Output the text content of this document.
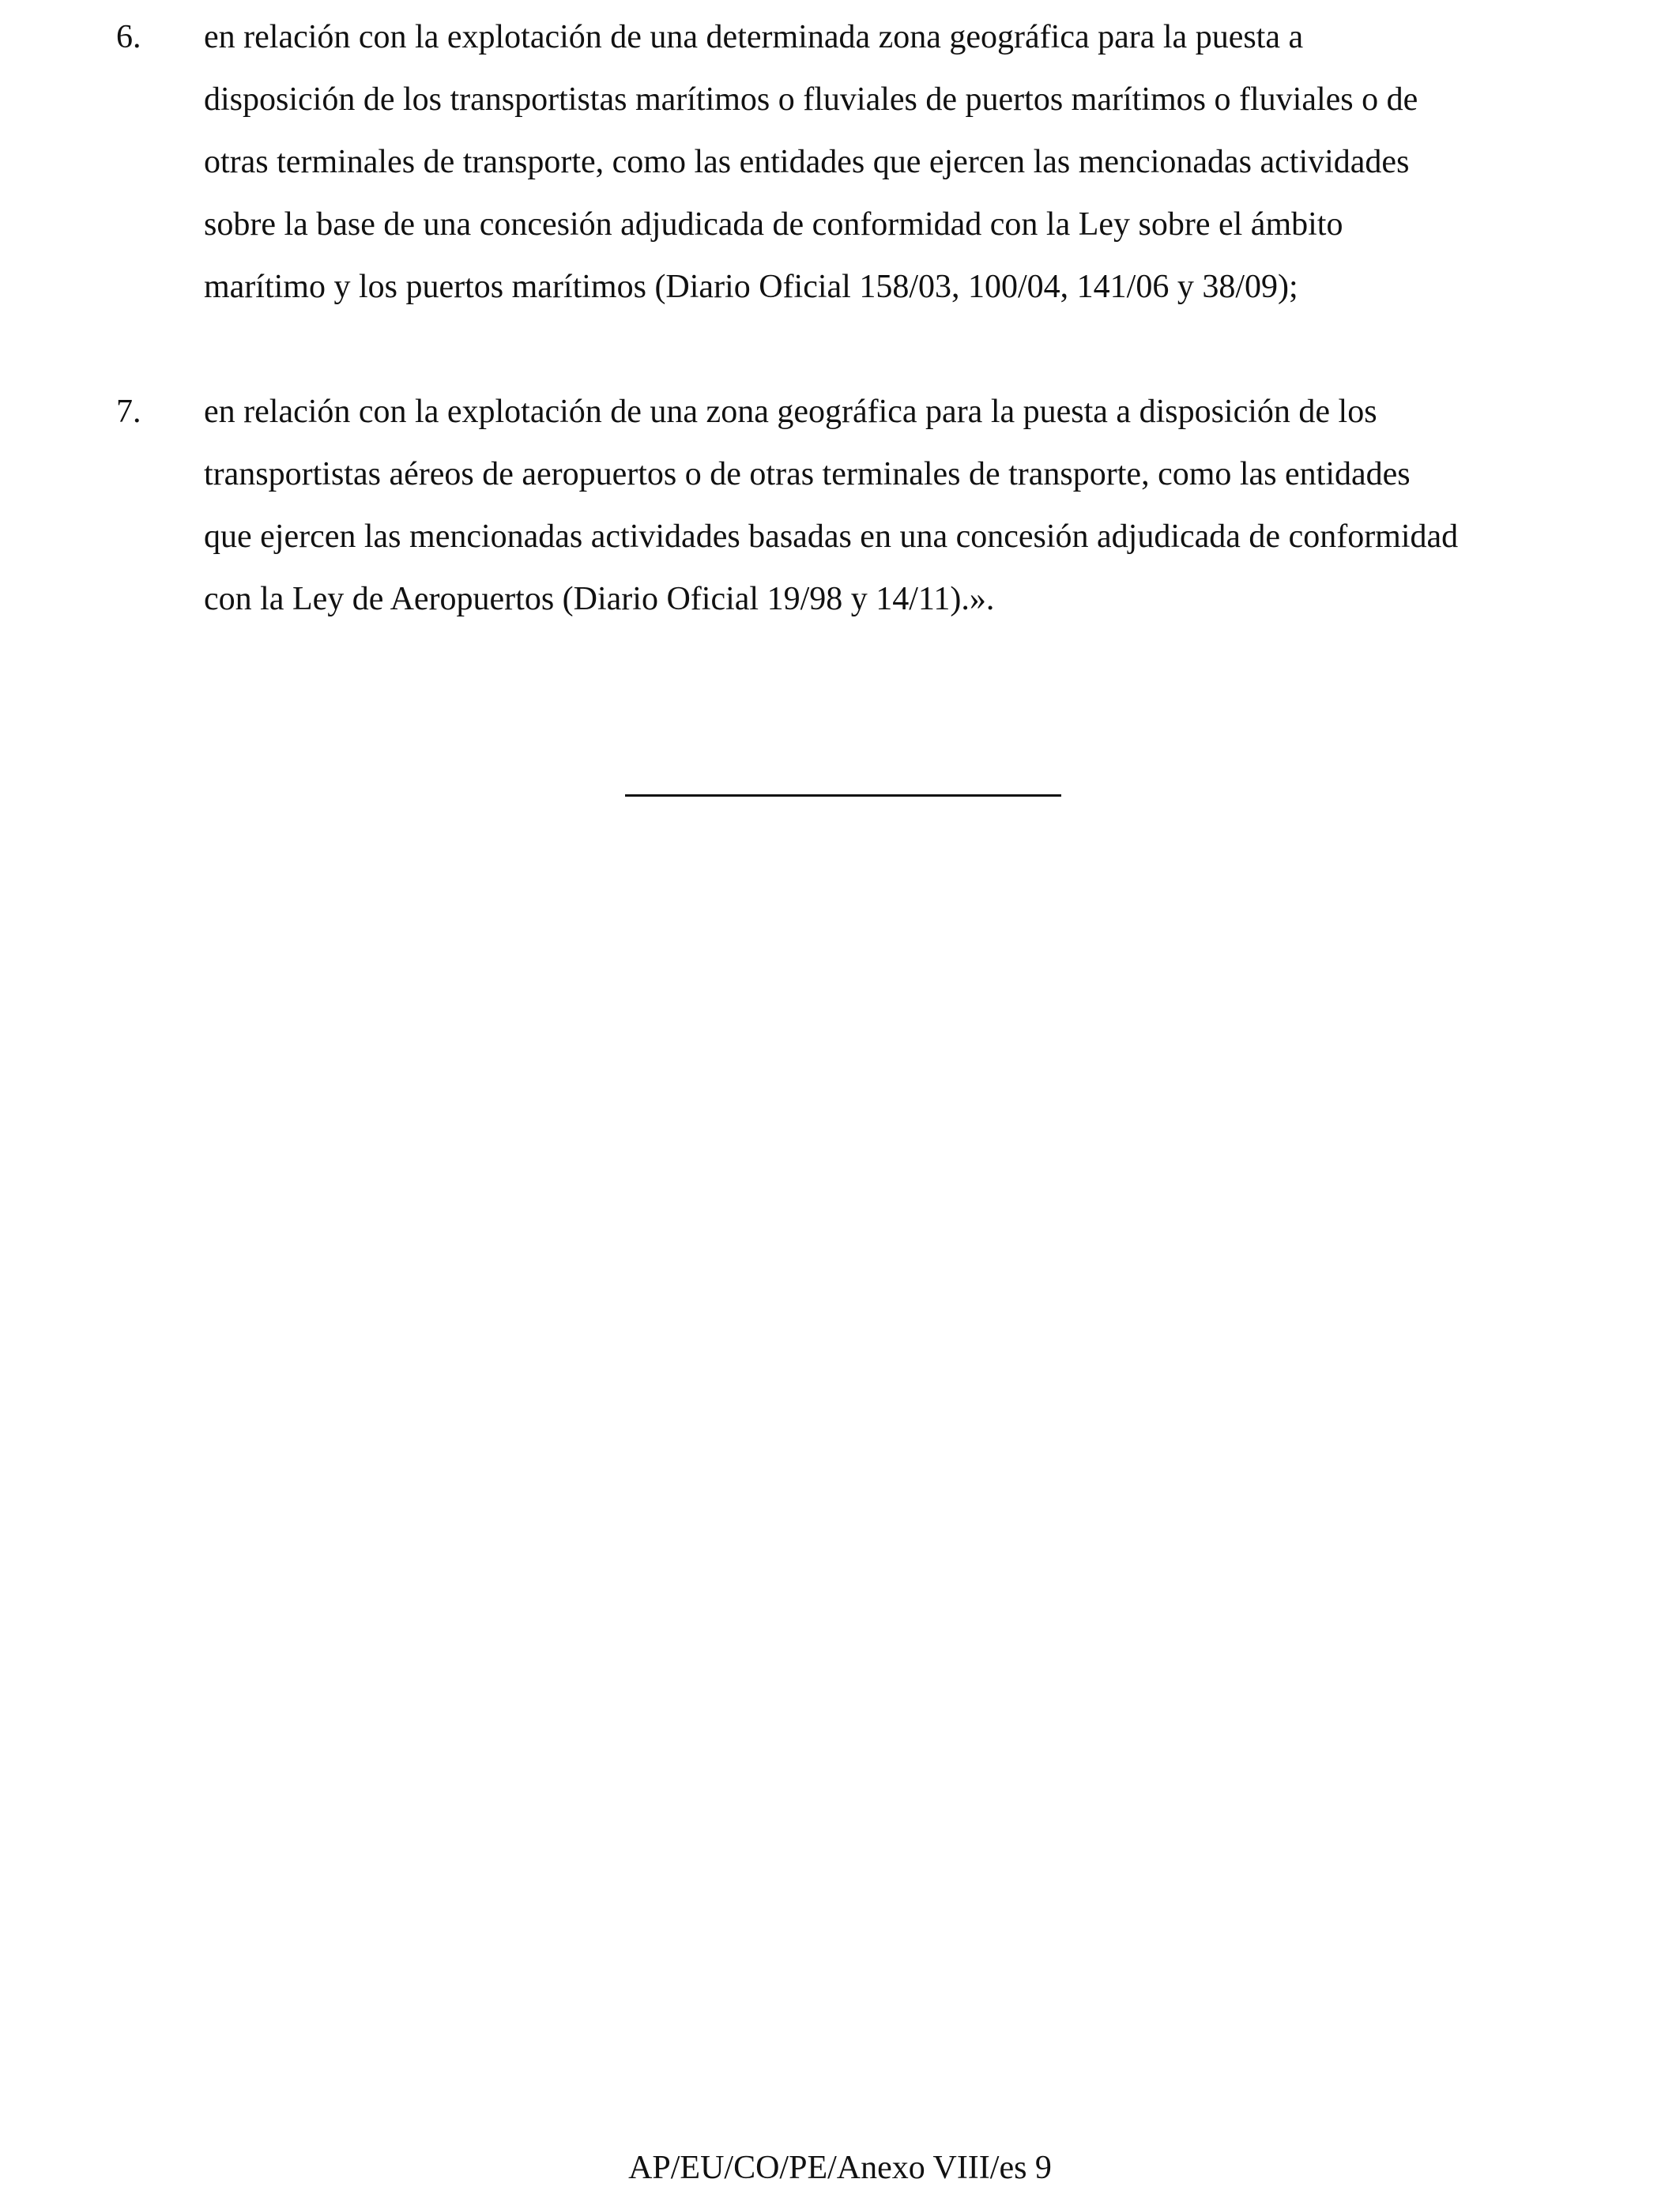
6. en relación con la explotación de una determinada zona geográfica para la puesta a
disposición de los transportistas marítimos o fluviales de puertos marítimos o fluviales o de
otras terminales de transporte, como las entidades que ejercen las mencionadas actividades
sobre la base de una concesión adjudicada de conformidad con la Ley sobre el ámbito
marítimo y los puertos marítimos (Diario Oficial 158/03, 100/04, 141/06 y 38/09);
7. en relación con la explotación de una zona geográfica para la puesta a disposición de los
transportistas aéreos de aeropuertos o de otras terminales de transporte, como las entidades
que ejercen las mencionadas actividades basadas en una concesión adjudicada de conformidad
con la Ley de Aeropuertos (Diario Oficial 19/98 y 14/11).».
AP/EU/CO/PE/Anexo VIII/es 9
